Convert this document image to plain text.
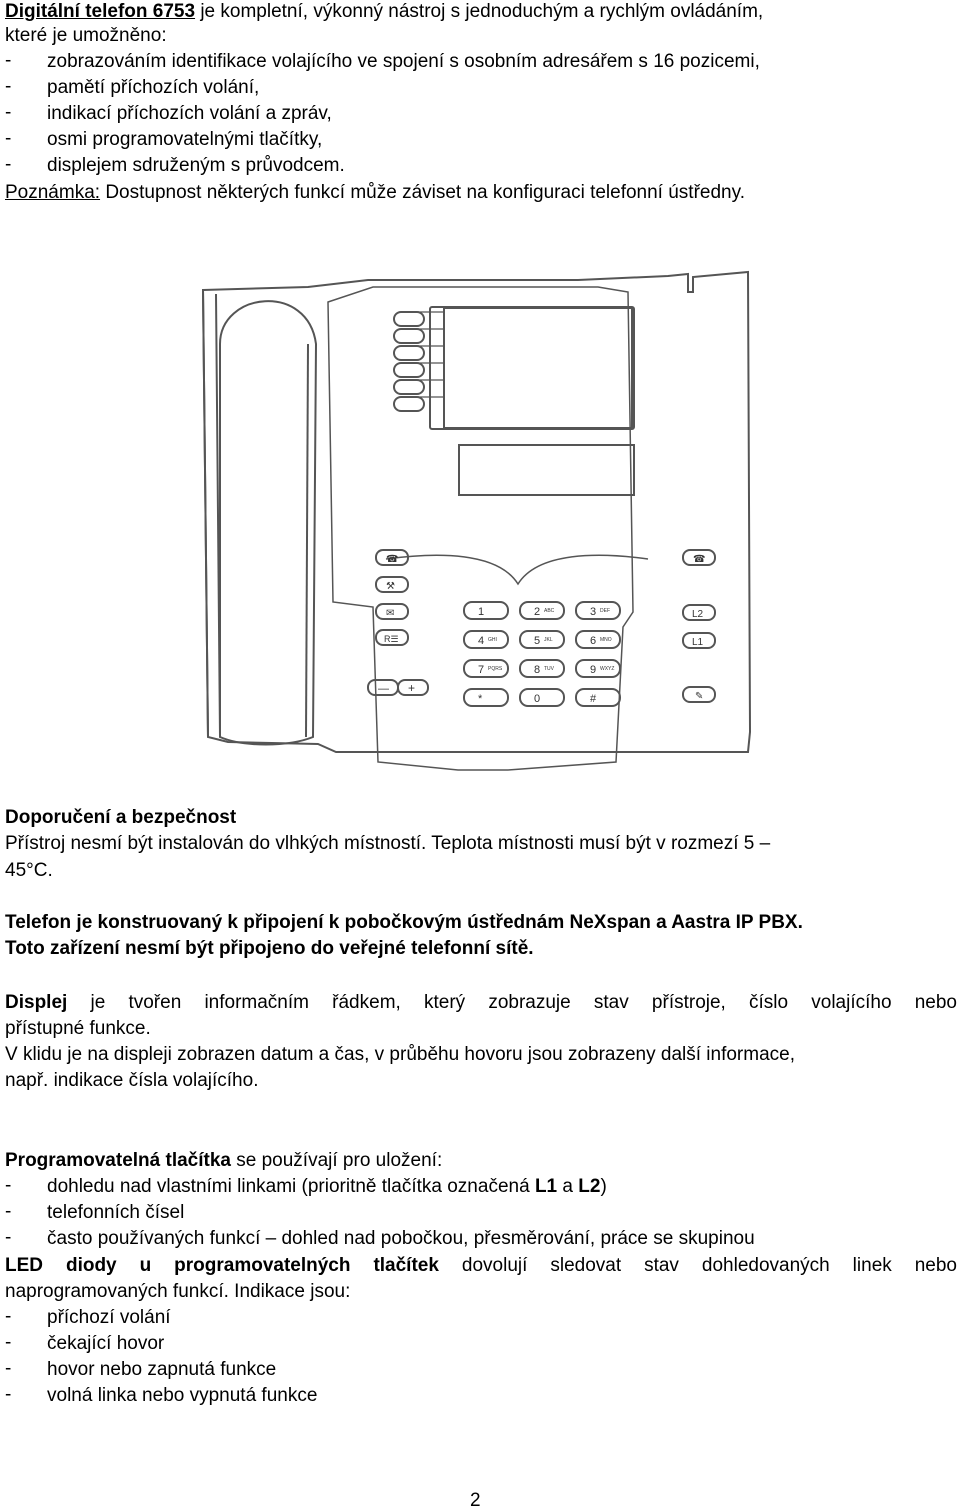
Digitální telefon 6753 je kompletní, výkonný nástroj s jednoduchým a rychlým ovládáním,
které je umožněno:
- zobrazováním identifikace volajícího ve spojení s osobním adresářem s 16 pozicemi,
- pamětí příchozích volání,
- indikací příchozích volání a zpráv,
- osmi programovatelnými tlačítky,
- displejem sdruženým s průvodcem.
Poznámka: Dostupnost některých funkcí může záviset na konfiguraci telefonní ústředny.
1	2 ABC	3 DEF
4 GHI	5 JKL	6 MNO
7 PQRS	8 TUV	9 WXYZ
*	0	#
— +
L2
L1
☎
⚒
✉
R☰
☎
✎
Doporučení a bezpečnost
Přístroj nesmí být instalován do vlhkých místností. Teplota místnosti musí být v rozmezí 5 –
45°C.
Telefon je konstruovaný k připojení k pobočkovým ústřednám NeXspan a Aastra IP PBX.
Toto zařízení nesmí být připojeno do veřejné telefonní sítě.
Displej je tvořen informačním řádkem, který zobrazuje stav přístroje, číslo volajícího nebo
přístupné funkce.
V klidu je na displeji zobrazen datum a čas, v průběhu hovoru jsou zobrazeny další informace,
např. indikace čísla volajícího.
Programovatelná tlačítka se používají pro uložení:
- dohledu nad vlastními linkami (prioritně tlačítka označená L1 a L2)
- telefonních čísel
- často používaných funkcí – dohled nad pobočkou, přesměrování, práce se skupinou
LED diody u programovatelných tlačítek dovolují sledovat stav dohledovaných linek nebo
naprogramovaných funkcí. Indikace jsou:
- příchozí volání
- čekající hovor
- hovor nebo zapnutá funkce
- volná linka nebo vypnutá funkce
2
